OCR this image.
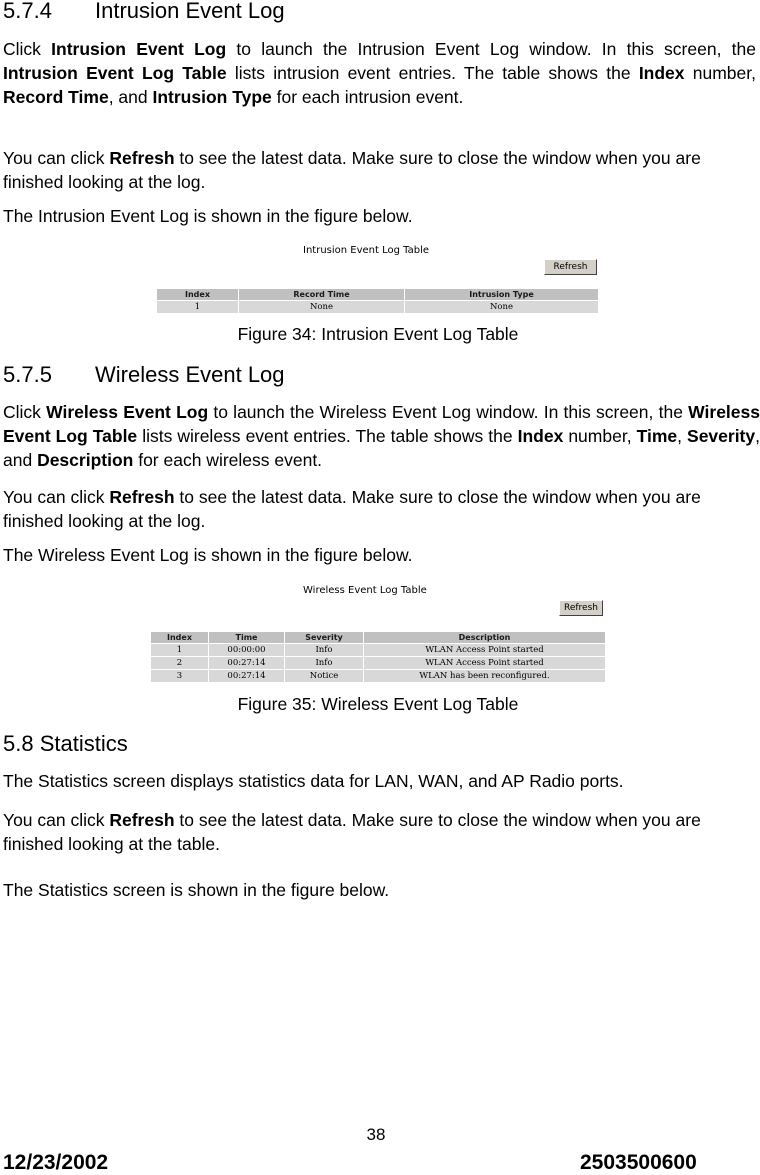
5.7.4 Intrusion Event Log

Click Intrusion Event Log to launch the Intrusion Event Log window. In this screen, the Intrusion Event Log Table lists intrusion event entries. The table shows the Index number, Record Time, and Intrusion Type for each intrusion event.

You can click Refresh to see the latest data. Make sure to close the window when you are finished looking at the log.

The Intrusion Event Log is shown in the figure below.

Intrusion Event Log Table
Refresh
Index	Record Time	Intrusion Type
1	None	None

Figure 34: Intrusion Event Log Table

5.7.5 Wireless Event Log

Click Wireless Event Log to launch the Wireless Event Log window. In this screen, the Wireless Event Log Table lists wireless event entries. The table shows the Index number, Time, Severity, and Description for each wireless event.

You can click Refresh to see the latest data. Make sure to close the window when you are finished looking at the log.

The Wireless Event Log is shown in the figure below.

Wireless Event Log Table
Refresh
Index	Time	Severity	Description
1	00:00:00	Info	WLAN Access Point started
2	00:27:14	Info	WLAN Access Point started
3	00:27:14	Notice	WLAN has been reconfigured.

Figure 35: Wireless Event Log Table

5.8 Statistics

The Statistics screen displays statistics data for LAN, WAN, and AP Radio ports.

You can click Refresh to see the latest data. Make sure to close the window when you are finished looking at the table.

The Statistics screen is shown in the figure below.

38
12/23/2002	2503500600
